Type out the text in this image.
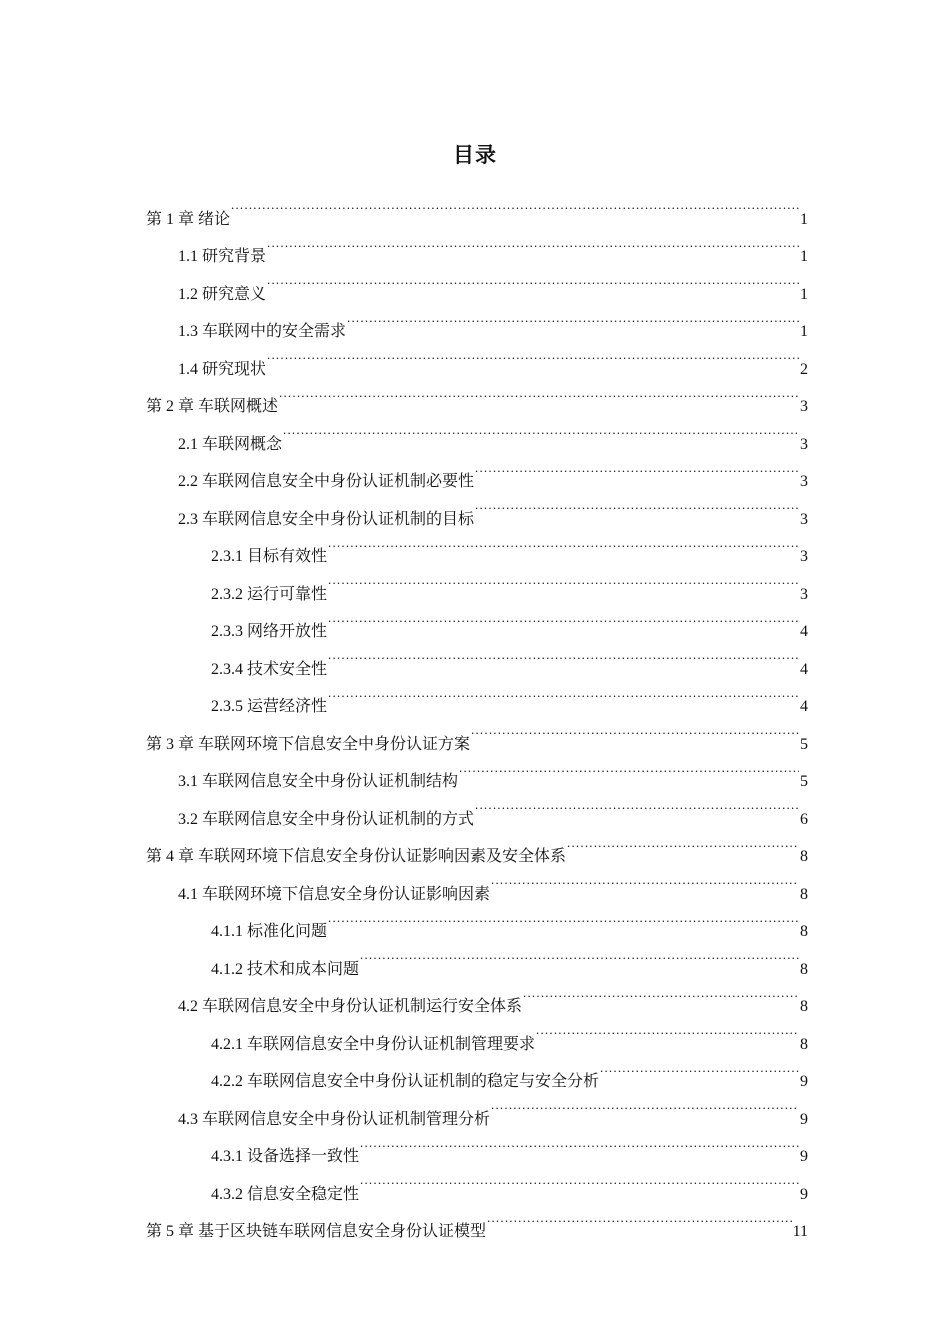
目录
第 1 章 绪论 .....	1
1.1 研究背景 .....	1
1.2 研究意义 .....	1
1.3 车联网中的安全需求 .....	1
1.4 研究现状 .....	2
第 2 章 车联网概述 .....	3
2.1 车联网概念 .....	3
2.2 车联网信息安全中身份认证机制必要性 .....	3
2.3 车联网信息安全中身份认证机制的目标 .....	3
2.3.1 目标有效性 .....	3
2.3.2 运行可靠性 .....	3
2.3.3 网络开放性 .....	4
2.3.4 技术安全性 .....	4
2.3.5 运营经济性 .....	4
第 3 章 车联网环境下信息安全中身份认证方案 .....	5
3.1 车联网信息安全中身份认证机制结构 .....	5
3.2 车联网信息安全中身份认证机制的方式 .....	6
第 4 章 车联网环境下信息安全身份认证影响因素及安全体系 .....	8
4.1 车联网环境下信息安全身份认证影响因素 .....	8
4.1.1 标准化问题 .....	8
4.1.2 技术和成本问题 .....	8
4.2 车联网信息安全中身份认证机制运行安全体系 .....	8
4.2.1 车联网信息安全中身份认证机制管理要求 .....	8
4.2.2 车联网信息安全中身份认证机制的稳定与安全分析 .....	9
4.3 车联网信息安全中身份认证机制管理分析 .....	9
4.3.1 设备选择一致性 .....	9
4.3.2 信息安全稳定性 .....	9
第 5 章 基于区块链车联网信息安全身份认证模型 .....	11
